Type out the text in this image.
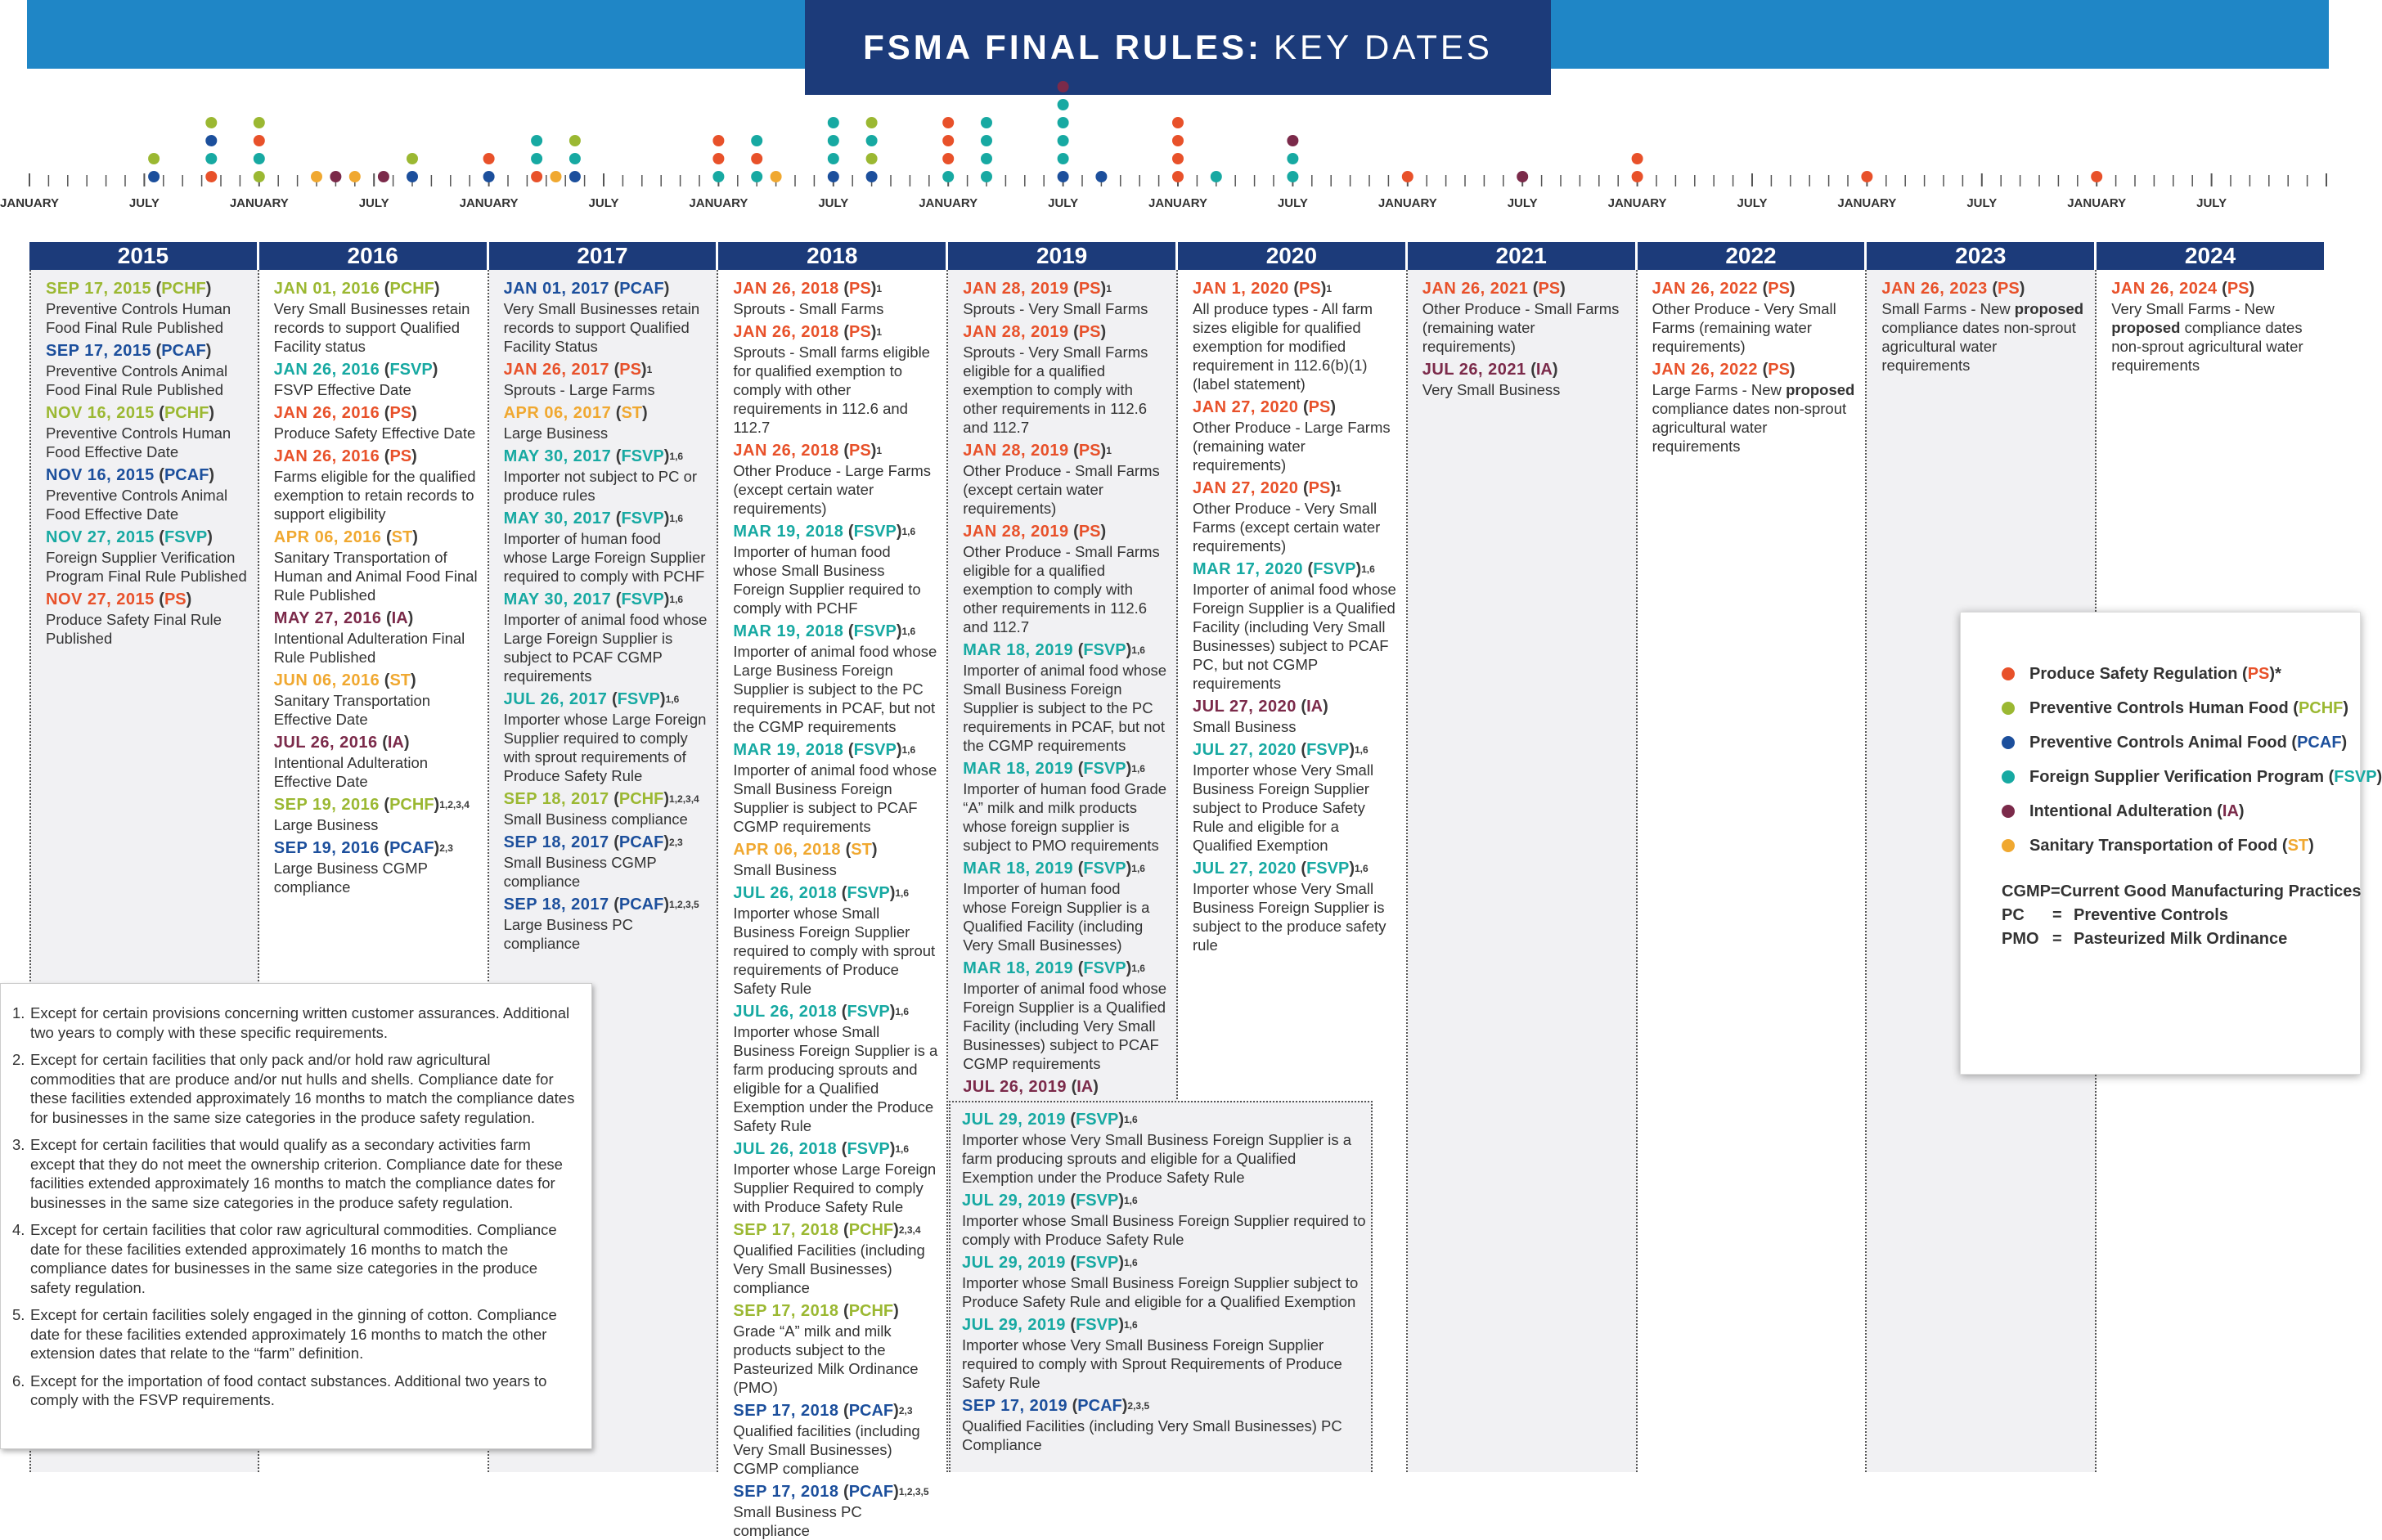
FSMA FINAL RULES: KEY DATES
JANUARY	JULY	JANUARY	JULY	JANUARY	JULY	JANUARY	JULY	JANUARY	JULY	JANUARY	JULY	JANUARY	JULY	JANUARY	JULY	JANUARY	JULY	JANUARY	JULY
2015	2016	2017	2018	2019	2020	2021	2022	2023	2024
SEP 17, 2015 (PCHF)
Preventive Controls Human Food Final Rule Published
SEP 17, 2015 (PCAF)
Preventive Controls Animal Food Final Rule Published
NOV 16, 2015 (PCHF)
Preventive Controls Human Food Effective Date
NOV 16, 2015 (PCAF)
Preventive Controls Animal Food Effective Date
NOV 27, 2015 (FSVP)
Foreign Supplier Verification Program Final Rule Published
NOV 27, 2015 (PS)
Produce Safety Final Rule Published
JAN 01, 2016 (PCHF)
Very Small Businesses retain records to support Qualified Facility status
JAN 26, 2016 (FSVP)
FSVP Effective Date
JAN 26, 2016 (PS)
Produce Safety Effective Date
JAN 26, 2016 (PS)
Farms eligible for the qualified exemption to retain records to support eligibility
APR 06, 2016 (ST)
Sanitary Transportation of Human and Animal Food Final Rule Published
MAY 27, 2016 (IA)
Intentional Adulteration Final Rule Published
JUN 06, 2016 (ST)
Sanitary Transportation Effective Date
JUL 26, 2016 (IA)
Intentional Adulteration Effective Date
SEP 19, 2016 (PCHF)$^{1,2,3,4}$
Large Business
SEP 19, 2016 (PCAF)$^{2,3}$
Large Business CGMP compliance
JAN 01, 2017 (PCAF)
Very Small Businesses retain records to support Qualified Facility Status
JAN 26, 2017 (PS)$^1$
Sprouts - Large Farms
APR 06, 2017 (ST)
Large Business
MAY 30, 2017 (FSVP)$^{1,6}$
Importer not subject to PC or produce rules
MAY 30, 2017 (FSVP)$^{1,6}$
Importer of human food whose Large Foreign Supplier required to comply with PCHF
MAY 30, 2017 (FSVP)$^{1,6}$
Importer of animal food whose Large Foreign Supplier is subject to PCAF CGMP requirements
JUL 26, 2017 (FSVP)$^{1,6}$
Importer whose Large Foreign Supplier required to comply with sprout requirements of Produce Safety Rule
SEP 18, 2017 (PCHF)$^{1,2,3,4}$
Small Business compliance
SEP 18, 2017 (PCAF)$^{2,3}$
Small Business CGMP compliance
SEP 18, 2017 (PCAF)$^{1,2,3,5}$
Large Business PC compliance
JAN 26, 2018 (PS)$^1$
Sprouts - Small Farms
JAN 26, 2018 (PS)$^1$
Sprouts - Small farms eligible for qualified exemption to comply with other requirements in 112.6 and 112.7
JAN 26, 2018 (PS)$^1$
Other Produce - Large Farms (except certain water requirements)
MAR 19, 2018 (FSVP)$^{1,6}$
Importer of human food whose Small Business Foreign Supplier required to comply with PCHF
MAR 19, 2018 (FSVP)$^{1,6}$
Importer of animal food whose Large Business Foreign Supplier is subject to the PC requirements in PCAF, but not the CGMP requirements
MAR 19, 2018 (FSVP)$^{1,6}$
Importer of animal food whose Small Business Foreign Supplier is subject to PCAF CGMP requirements
APR 06, 2018 (ST)
Small Business
JUL 26, 2018 (FSVP)$^{1,6}$
Importer whose Small Business Foreign Supplier required to comply with sprout requirements of Produce Safety Rule
JUL 26, 2018 (FSVP)$^{1,6}$
Importer whose Small Business Foreign Supplier is a farm producing sprouts and eligible for a Qualified Exemption under the Produce Safety Rule
JUL 26, 2018 (FSVP)$^{1,6}$
Importer whose Large Foreign Supplier Required to comply with Produce Safety Rule
SEP 17, 2018 (PCHF)$^{2,3,4}$
Qualified Facilities (including Very Small Businesses) compliance
SEP 17, 2018 (PCHF)
Grade “A” milk and milk products subject to the Pasteurized Milk Ordinance (PMO)
SEP 17, 2018 (PCAF)$^{2,3}$
Qualified facilities (including Very Small Businesses) CGMP compliance
SEP 17, 2018 (PCAF)$^{1,2,3,5}$
Small Business PC compliance
JAN 28, 2019 (PS)$^1$
Sprouts - Very Small Farms
JAN 28, 2019 (PS)
Sprouts - Very Small Farms eligible for a qualified exemption to comply with other requirements in 112.6 and 112.7
JAN 28, 2019 (PS)$^1$
Other Produce - Small Farms (except certain water requirements)
JAN 28, 2019 (PS)
Other Produce - Small Farms eligible for a qualified exemption to comply with other requirements in 112.6 and 112.7
MAR 18, 2019 (FSVP)$^{1,6}$
Importer of animal food whose Small Business Foreign Supplier is subject to the PC requirements in PCAF, but not the CGMP requirements
MAR 18, 2019 (FSVP)$^{1,6}$
Importer of human food Grade “A” milk and milk products whose foreign supplier is subject to PMO requirements
MAR 18, 2019 (FSVP)$^{1,6}$
Importer of human food whose Foreign Supplier is a Qualified Facility (including Very Small Businesses)
MAR 18, 2019 (FSVP)$^{1,6}$
Importer of animal food whose Foreign Supplier is a Qualified Facility (including Very Small Businesses) subject to PCAF CGMP requirements
JUL 26, 2019 (IA)
JAN 1, 2020 (PS)$^1$
All produce types - All farm sizes eligible for qualified exemption for modified requirement in 112.6(b)(1) (label statement)
JAN 27, 2020 (PS)
Other Produce - Large Farms (remaining water requirements)
JAN 27, 2020 (PS)$^1$
Other Produce - Very Small Farms (except certain water requirements)
MAR 17, 2020 (FSVP)$^{1,6}$
Importer of animal food whose Foreign Supplier is a Qualified Facility (including Very Small Businesses) subject to PCAF PC, but not CGMP requirements
JUL 27, 2020 (IA)
Small Business
JUL 27, 2020 (FSVP)$^{1,6}$
Importer whose Very Small Business Foreign Supplier subject to Produce Safety Rule and eligible for a Qualified Exemption
JUL 27, 2020 (FSVP)$^{1,6}$
Importer whose Very Small Business Foreign Supplier is subject to the produce safety rule
JAN 26, 2021 (PS)
Other Produce - Small Farms (remaining water requirements)
JUL 26, 2021 (IA)
Very Small Business
JAN 26, 2022 (PS)
Other Produce - Very Small Farms (remaining water requirements)
JAN 26, 2022 (PS)
Large Farms - New proposed compliance dates non-sprout agricultural water requirements
JAN 26, 2023 (PS)
Small Farms - New proposed compliance dates non-sprout agricultural water requirements
JAN 26, 2024 (PS)
Very Small Farms - New proposed compliance dates non-sprout agricultural water requirements
JUL 29, 2019 (FSVP)$^{1,6}$
Importer whose Very Small Business Foreign Supplier is a farm producing sprouts and eligible for a Qualified Exemption under the Produce Safety Rule
JUL 29, 2019 (FSVP)$^{1,6}$
Importer whose Small Business Foreign Supplier required to comply with Produce Safety Rule
JUL 29, 2019 (FSVP)$^{1,6}$
Importer whose Small Business Foreign Supplier subject to Produce Safety Rule and eligible for a Qualified Exemption
JUL 29, 2019 (FSVP)$^{1,6}$
Importer whose Very Small Business Foreign Supplier required to comply with Sprout Requirements of Produce Safety Rule
SEP 17, 2019 (PCAF)$^{2,3,5}$
Qualified Facilities (including Very Small Businesses) PC Compliance
1. Except for certain provisions concerning written customer assurances. Additional two years to comply with these specific requirements.
2. Except for certain facilities that only pack and/or hold raw agricultural commodities that are produce and/or nut hulls and shells. Compliance date for these facilities extended approximately 16 months to match the compliance dates for businesses in the same size categories in the produce safety regulation.
3. Except for certain facilities that would qualify as a secondary activities farm except that they do not meet the ownership criterion. Compliance date for these facilities extended approximately 16 months to match the compliance dates for businesses in the same size categories in the produce safety regulation.
4. Except for certain facilities that color raw agricultural commodities. Compliance date for these facilities extended approximately 16 months to match the compliance dates for businesses in the same size categories in the produce safety regulation.
5. Except for certain facilities solely engaged in the ginning of cotton. Compliance date for these facilities extended approximately 16 months to match the other extension dates that relate to the “farm” definition.
6. Except for the importation of food contact substances. Additional two years to comply with the FSVP requirements.
Produce Safety Regulation ( PS )*
Preventive Controls Human Food ( PCHF )
Preventive Controls Animal Food ( PCAF )
Foreign Supplier Verification Program ( FSVP )
Intentional Adulteration ( IA )
Sanitary Transportation of Food ( ST )
CGMP = Current Good Manufacturing Practices
PC	= Preventive Controls
PMO = Pasteurized Milk Ordinance
